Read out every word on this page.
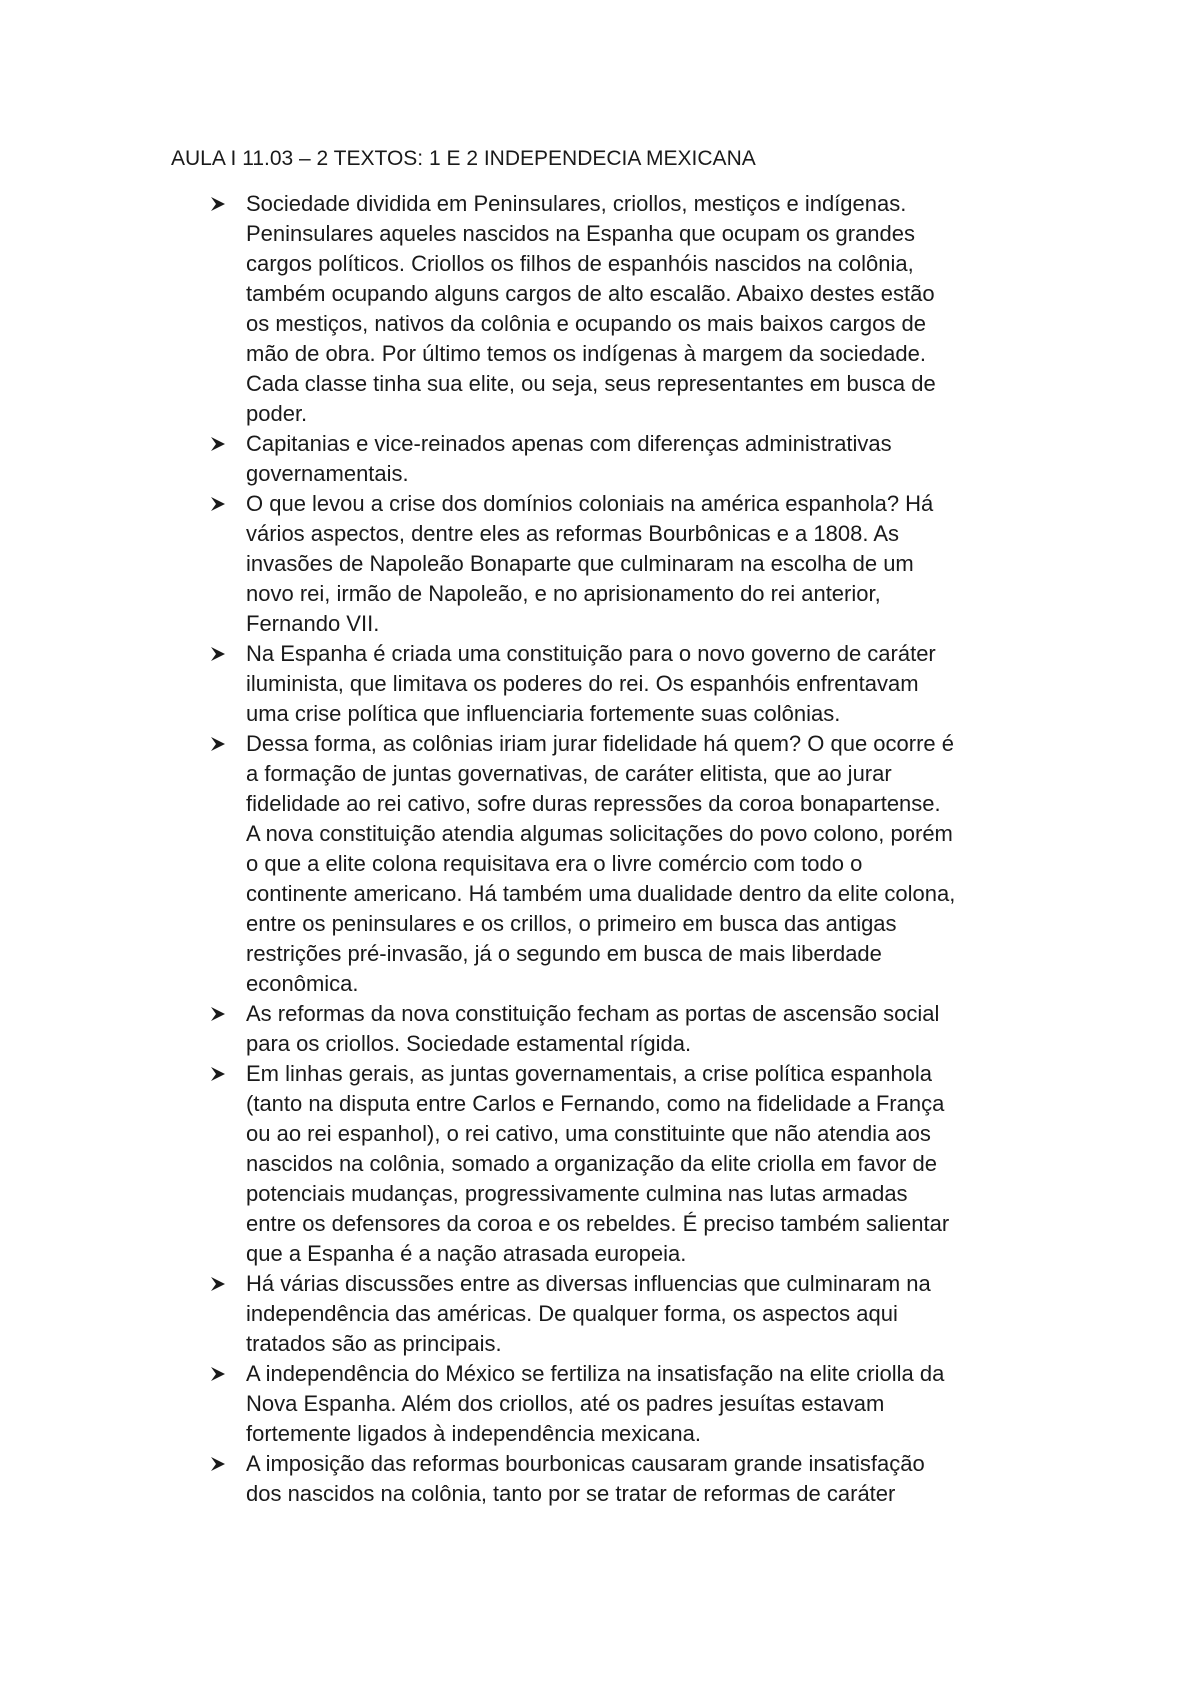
AULA I 11.03 – 2 TEXTOS: 1 E 2 INDEPENDECIA MEXICANA
Sociedade dividida em Peninsulares, criollos, mestiços e indígenas.
Peninsulares aqueles nascidos na Espanha que ocupam os grandes
cargos políticos. Criollos os filhos de espanhóis nascidos na colônia,
também ocupando alguns cargos de alto escalão. Abaixo destes estão
os mestiços, nativos da colônia e ocupando os mais baixos cargos de
mão de obra. Por último temos os indígenas à margem da sociedade.
Cada classe tinha sua elite, ou seja, seus representantes em busca de
poder.
Capitanias e vice-reinados apenas com diferenças administrativas
governamentais.
O que levou a crise dos domínios coloniais na américa espanhola? Há
vários aspectos, dentre eles as reformas Bourbônicas e a 1808. As
invasões de Napoleão Bonaparte que culminaram na escolha de um
novo rei, irmão de Napoleão, e no aprisionamento do rei anterior,
Fernando VII.
Na Espanha é criada uma constituição para o novo governo de caráter
iluminista, que limitava os poderes do rei. Os espanhóis enfrentavam
uma crise política que influenciaria fortemente suas colônias.
Dessa forma, as colônias iriam jurar fidelidade há quem? O que ocorre é
a formação de juntas governativas, de caráter elitista, que ao jurar
fidelidade ao rei cativo, sofre duras repressões da coroa bonapartense.
A nova constituição atendia algumas solicitações do povo colono, porém
o que a elite colona requisitava era o livre comércio com todo o
continente americano. Há também uma dualidade dentro da elite colona,
entre os peninsulares e os crillos, o primeiro em busca das antigas
restrições pré-invasão, já o segundo em busca de mais liberdade
econômica.
As reformas da nova constituição fecham as portas de ascensão social
para os criollos. Sociedade estamental rígida.
Em linhas gerais, as juntas governamentais, a crise política espanhola
(tanto na disputa entre Carlos e Fernando, como na fidelidade a França
ou ao rei espanhol), o rei cativo, uma constituinte que não atendia aos
nascidos na colônia, somado a organização da elite criolla em favor de
potenciais mudanças, progressivamente culmina nas lutas armadas
entre os defensores da coroa e os rebeldes. É preciso também salientar
que a Espanha é a nação atrasada europeia.
Há várias discussões entre as diversas influencias que culminaram na
independência das américas. De qualquer forma, os aspectos aqui
tratados são as principais.
A independência do México se fertiliza na insatisfação na elite criolla da
Nova Espanha. Além dos criollos, até os padres jesuítas estavam
fortemente ligados à independência mexicana.
A imposição das reformas bourbonicas causaram grande insatisfação
dos nascidos na colônia, tanto por se tratar de reformas de caráter
